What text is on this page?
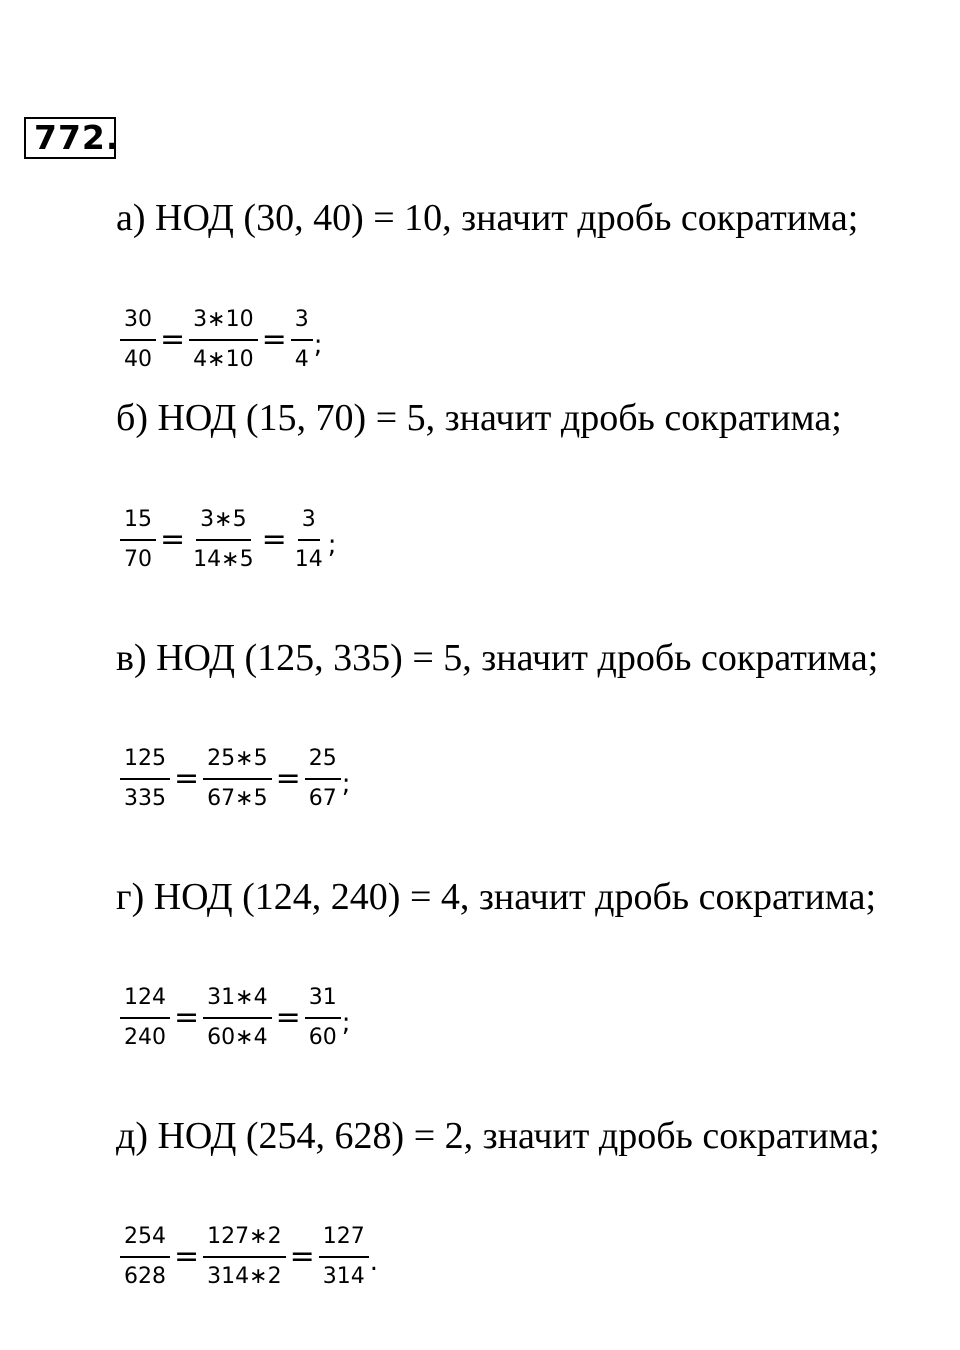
772.
а) НОД (30, 40) = 10, значит дробь сократима;
$\frac{30}{40} = \frac{3∗10}{4∗10} = \frac{3}{4}$ ;
б) НОД (15, 70) = 5, значит дробь сократима;
$\frac{15}{70} = \frac{3∗5}{14∗5} = \frac{3}{14}$ ;
в) НОД (125, 335) = 5, значит дробь сократима;
$\frac{125}{335} = \frac{25∗5}{67∗5} = \frac{25}{67}$ ;
г) НОД (124, 240) = 4, значит дробь сократима;
$\frac{124}{240} = \frac{31∗4}{60∗4} = \frac{31}{60}$ ;
д) НОД (254, 628) = 2, значит дробь сократима;
$\frac{254}{628} = \frac{127∗2}{314∗2} = \frac{127}{314}$ .
